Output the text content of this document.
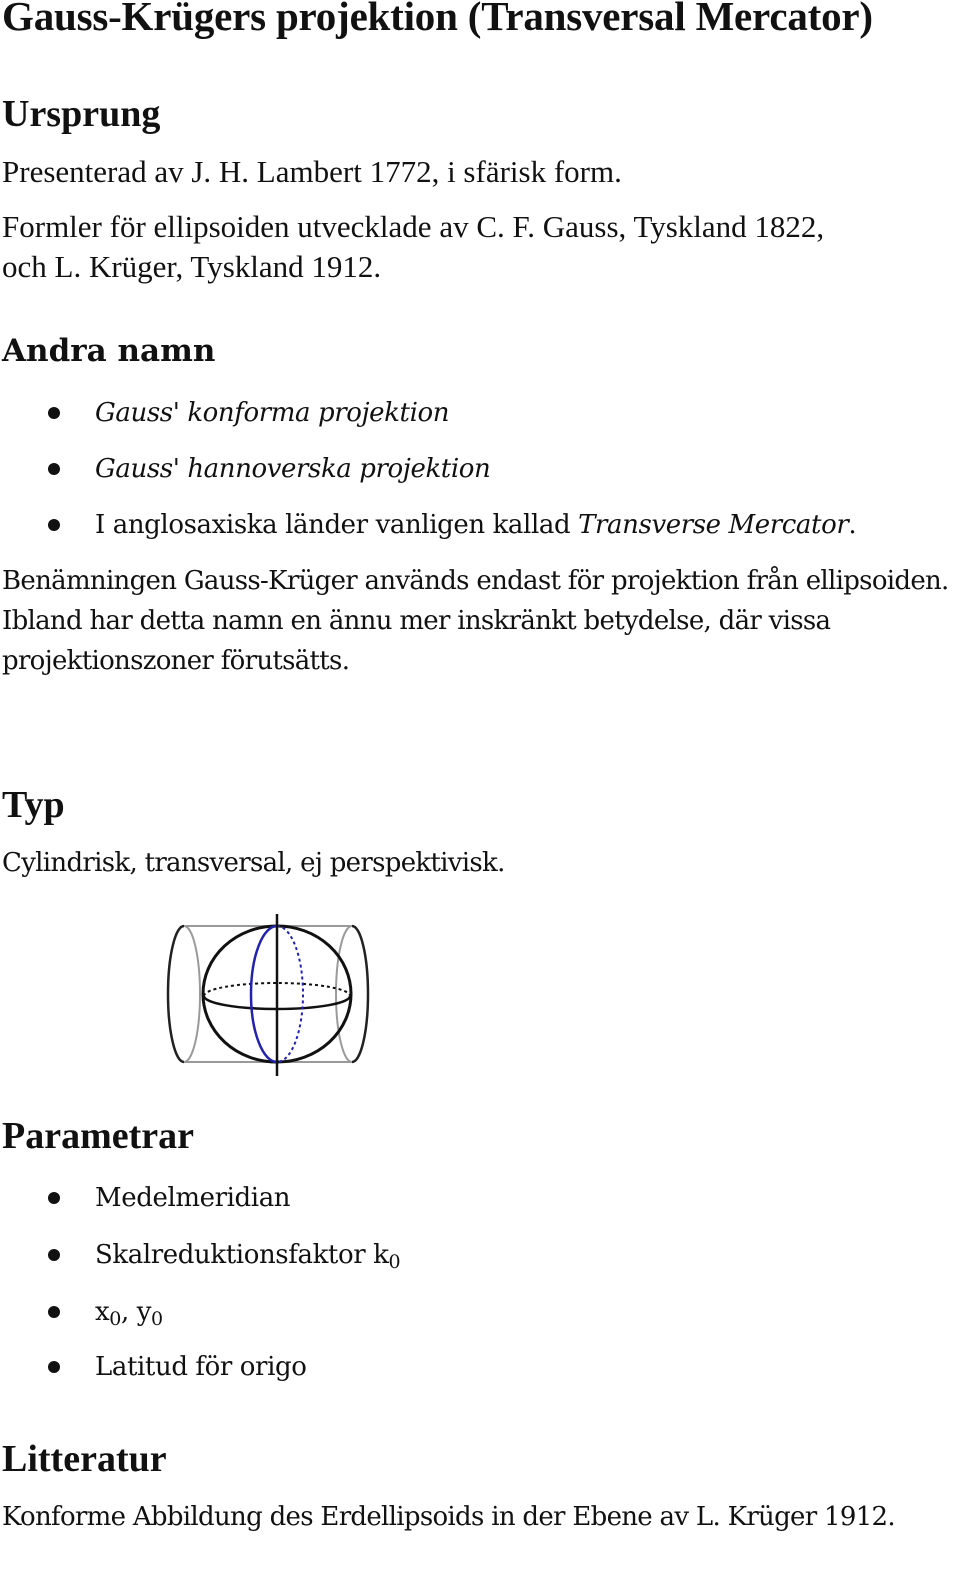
Gauss-Krügers projektion (Transversal Mercator)
Ursprung
Presenterad av J. H. Lambert 1772, i sfärisk form.
Formler för ellipsoiden utvecklade av C. F. Gauss, Tyskland 1822,
och L. Krüger, Tyskland 1912.
Andra namn
Gauss' konforma projektion
Gauss' hannoverska projektion
I anglosaxiska länder vanligen kallad Transverse Mercator.
Benämningen Gauss-Krüger används endast för projektion från ellipsoiden. Ibland har detta namn en ännu mer inskränkt betydelse, där vissa projektionszoner förutsätts.
Typ
Cylindrisk, transversal, ej perspektivisk.
Parametrar
Medelmeridian
Skalreduktionsfaktor $k_0$
$x_0$, $y_0$
Latitud för origo
Litteratur
Konforme Abbildung des Erdellipsoids in der Ebene av L. Krüger 1912.
